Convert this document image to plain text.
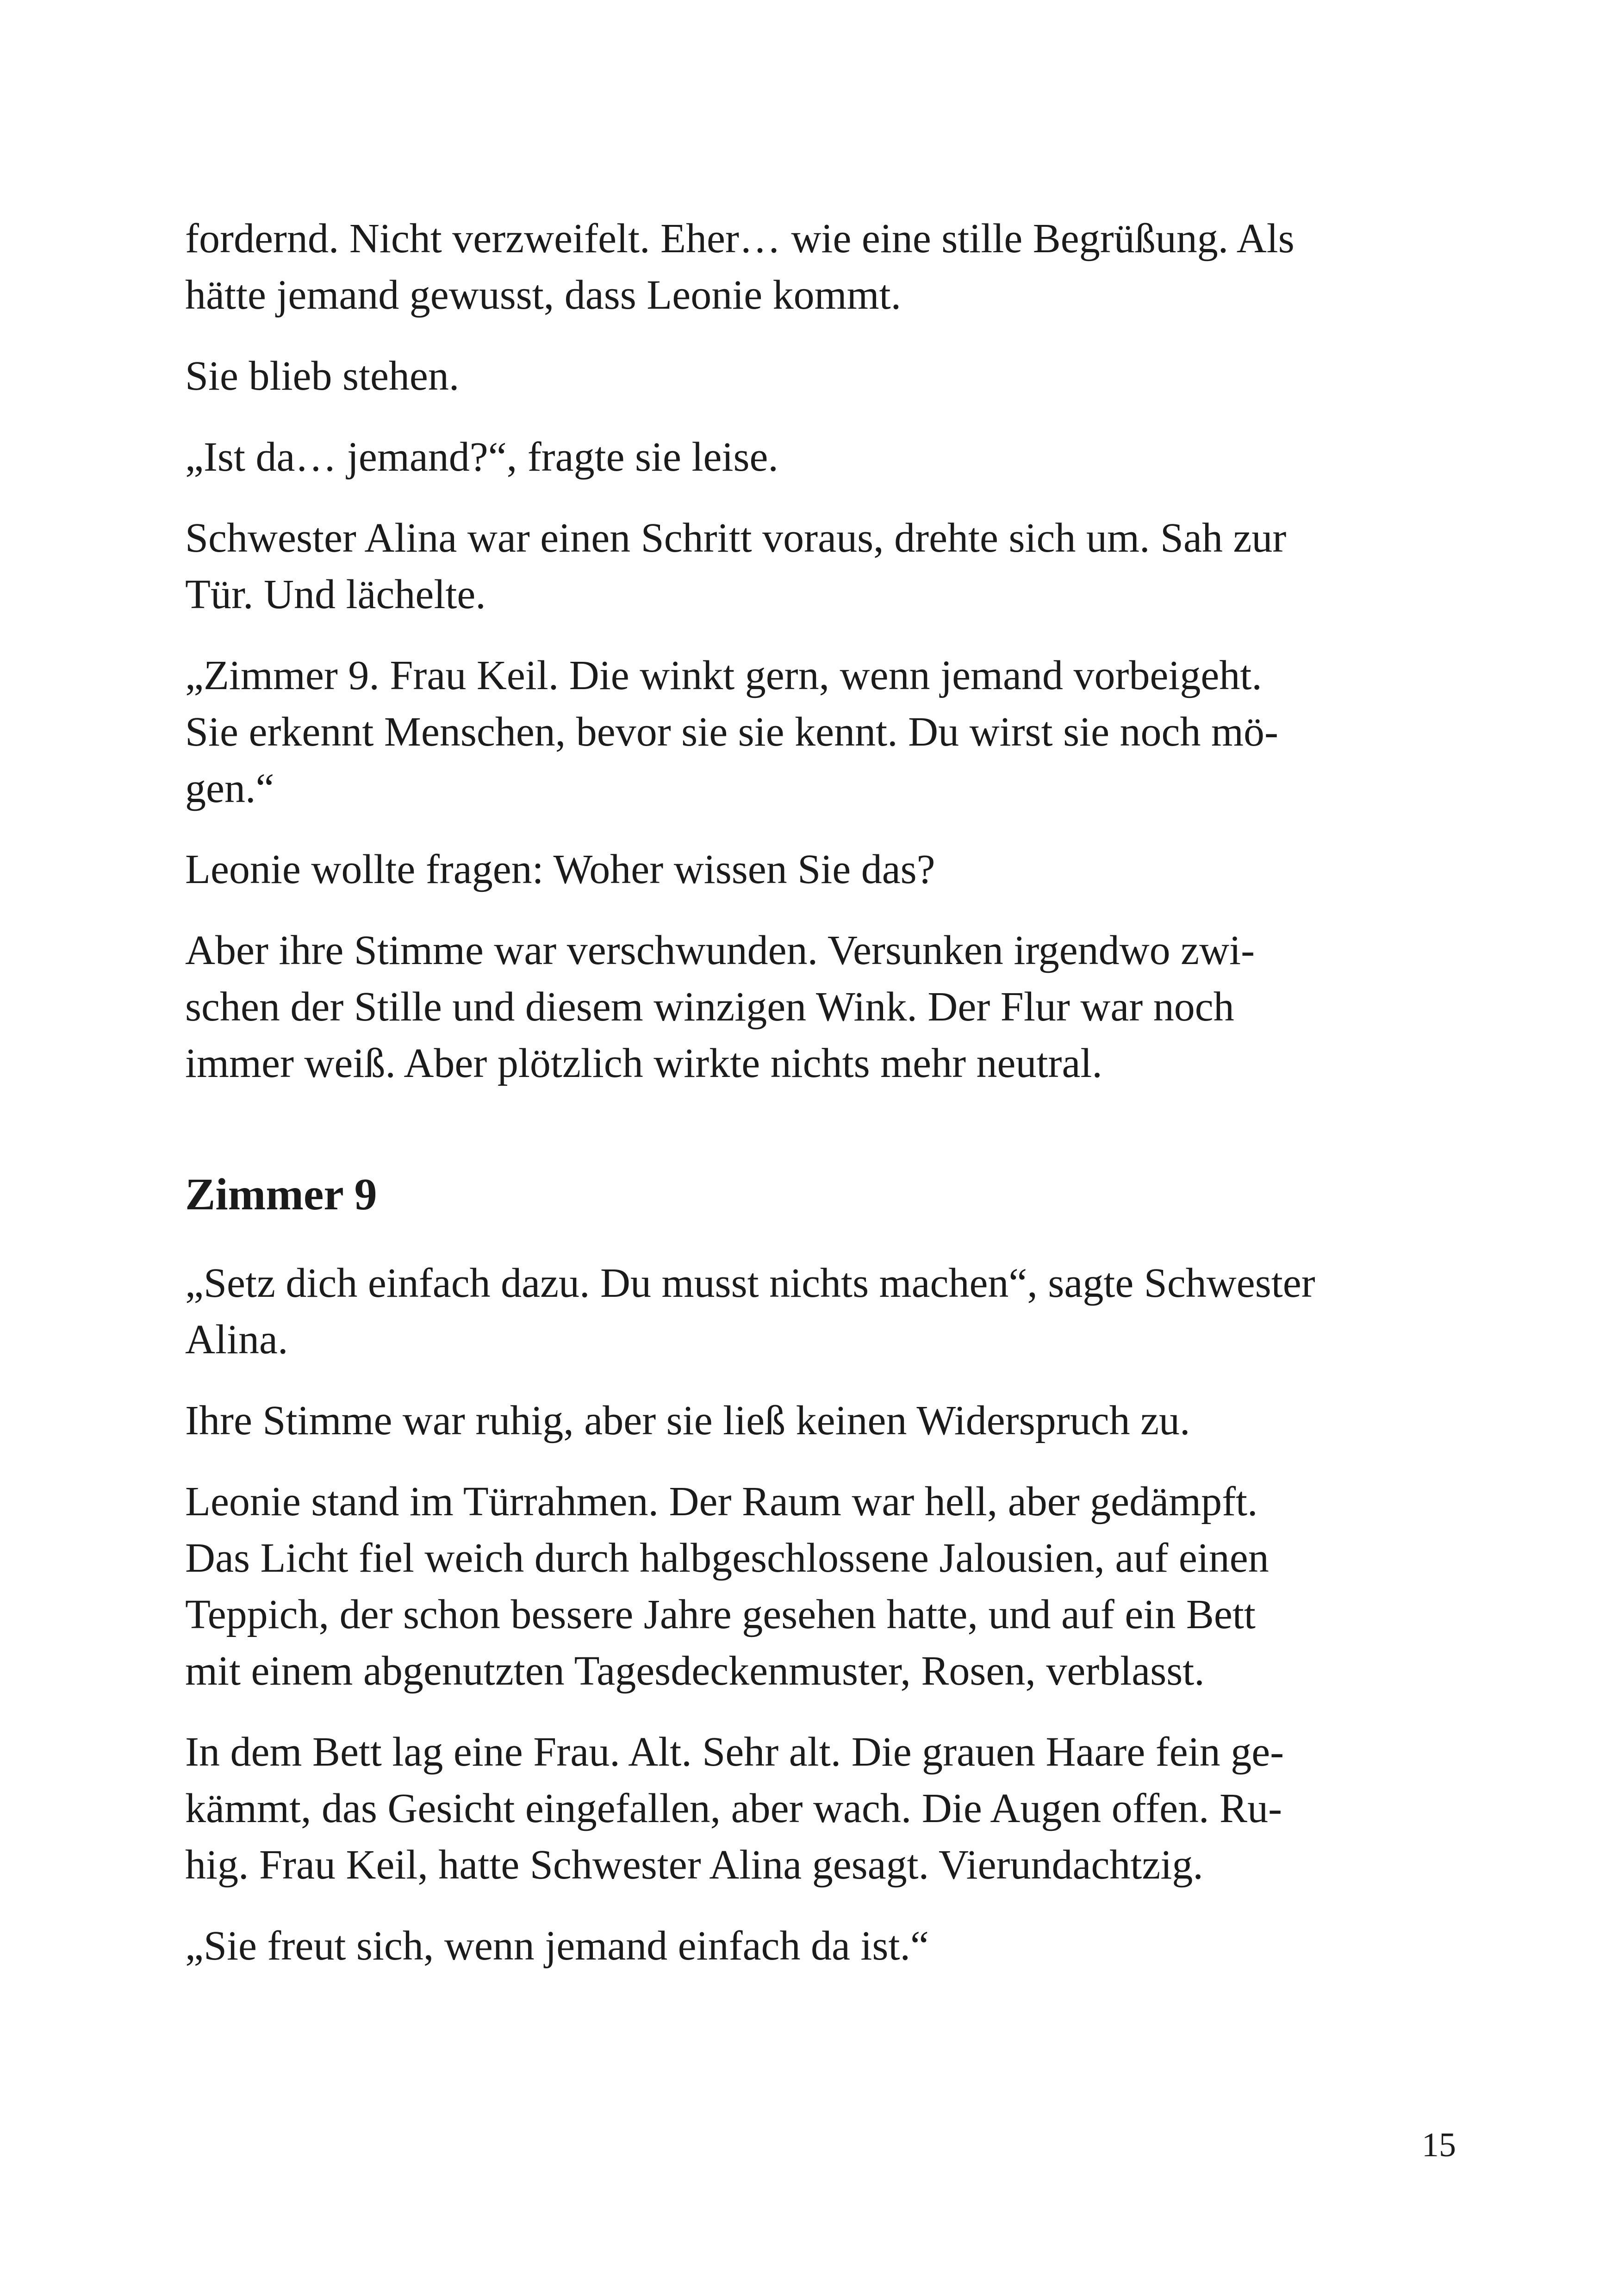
fordernd. Nicht verzweifelt. Eher… wie eine stille Begrüßung. Als
hätte jemand gewusst, dass Leonie kommt.

Sie blieb stehen.

„Ist da… jemand?“, fragte sie leise.

Schwester Alina war einen Schritt voraus, drehte sich um. Sah zur
Tür. Und lächelte.

„Zimmer 9. Frau Keil. Die winkt gern, wenn jemand vorbeigeht.
Sie erkennt Menschen, bevor sie sie kennt. Du wirst sie noch mö-
gen.“

Leonie wollte fragen: Woher wissen Sie das?

Aber ihre Stimme war verschwunden. Versunken irgendwo zwi-
schen der Stille und diesem winzigen Wink. Der Flur war noch
immer weiß. Aber plötzlich wirkte nichts mehr neutral.

Zimmer 9

„Setz dich einfach dazu. Du musst nichts machen“, sagte Schwester
Alina.

Ihre Stimme war ruhig, aber sie ließ keinen Widerspruch zu.

Leonie stand im Türrahmen. Der Raum war hell, aber gedämpft.
Das Licht fiel weich durch halbgeschlossene Jalousien, auf einen
Teppich, der schon bessere Jahre gesehen hatte, und auf ein Bett
mit einem abgenutzten Tagesdeckenmuster, Rosen, verblasst.

In dem Bett lag eine Frau. Alt. Sehr alt. Die grauen Haare fein ge-
kämmt, das Gesicht eingefallen, aber wach. Die Augen offen. Ru-
hig. Frau Keil, hatte Schwester Alina gesagt. Vierundachtzig.

„Sie freut sich, wenn jemand einfach da ist.“

15
